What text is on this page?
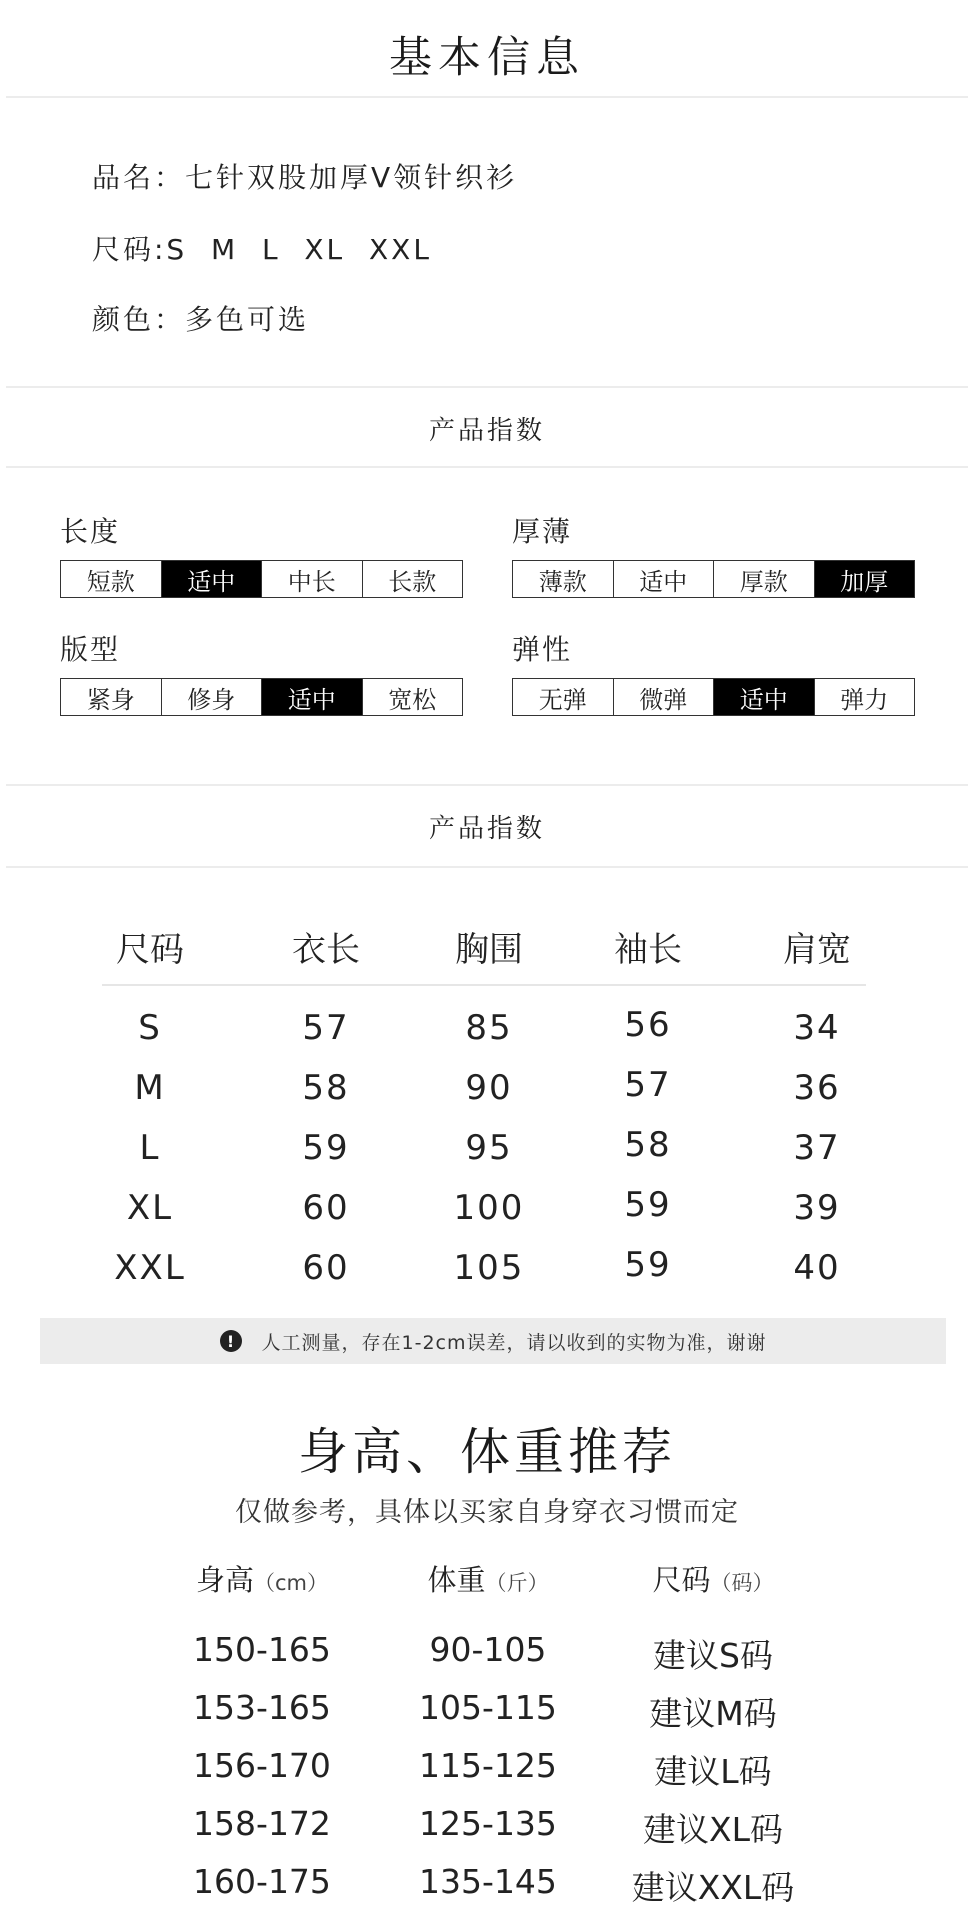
基本信息
品名：七针双股加厚V领针织衫
尺码:S  M  L  XL  XXL
颜色：多色可选
产品指数
长度
短款	适中	中长	长款
厚薄
薄款	适中	厚款	加厚
版型
紧身	修身	适中	宽松
弹性
无弹	微弹	适中	弹力
产品指数
尺码	衣长	胸围	袖长	肩宽
S	57	85	56	34
M	58	90	57	36
L	59	95	58	37
XL	60	100	59	39
XXL	60	105	59	40
!	人工测量，存在1-2cm误差，请以收到的实物为准，谢谢
身高、体重推荐
仅做参考，具体以买家自身穿衣习惯而定
身高（cm）	体重（斤）	尺码（码）
150-165	90-105	建议S码
153-165	105-115	建议M码
156-170	115-125	建议L码
158-172	125-135	建议XL码
160-175	135-145	建议XXL码
